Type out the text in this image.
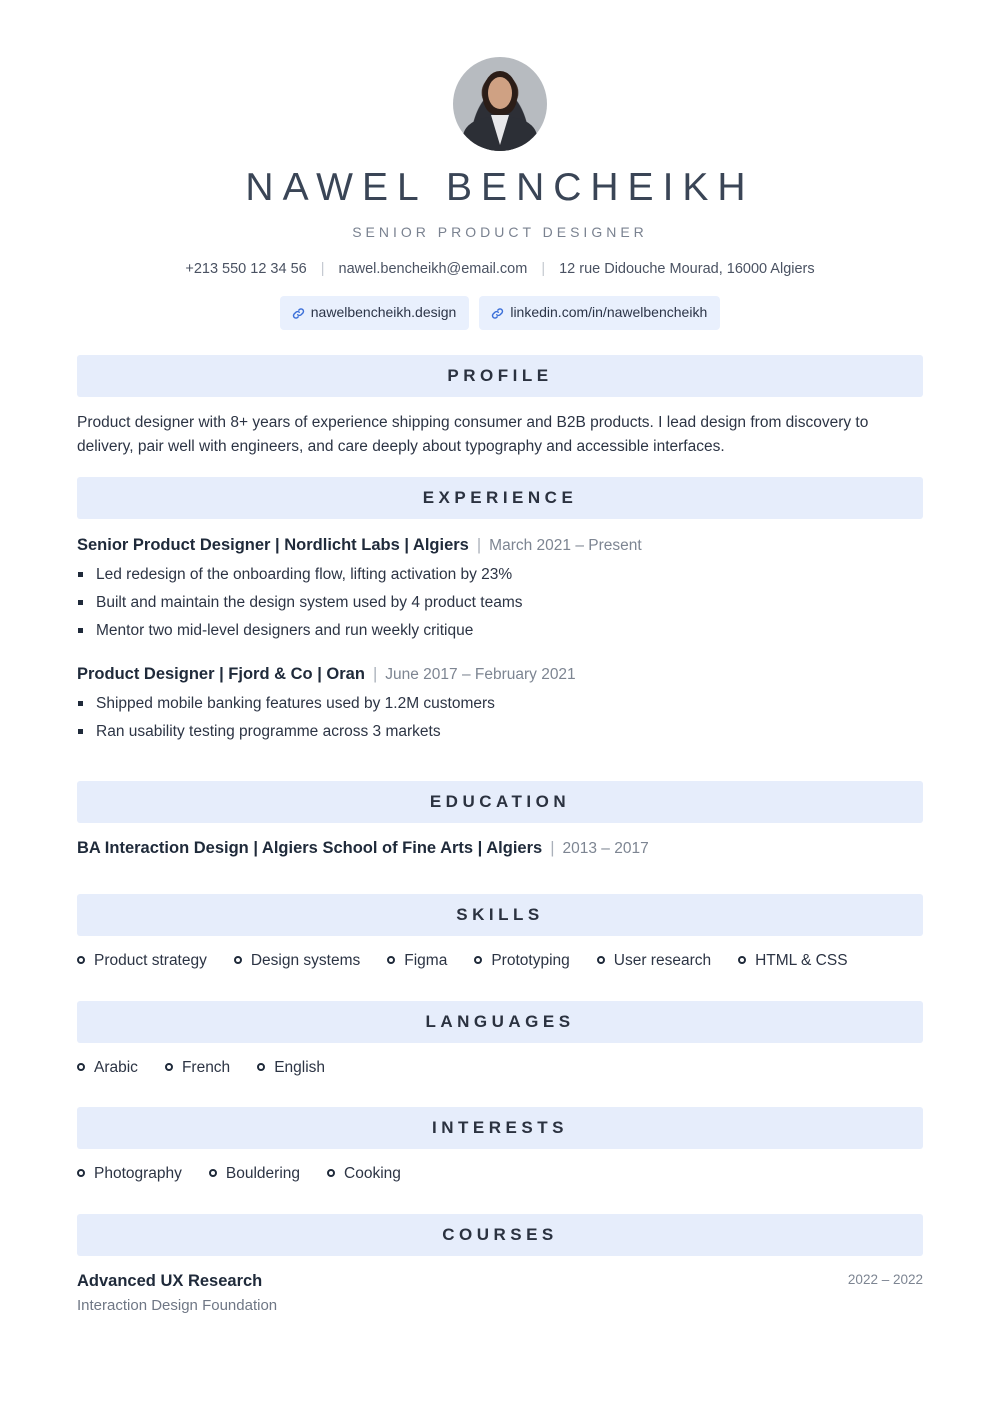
NAWEL BENCHEIKH
SENIOR PRODUCT DESIGNER
+213 550 12 34 56 | nawel.bencheikh@email.com | 12 rue Didouche Mourad, 16000 Algiers
nawelbencheikh.design	linkedin.com/in/nawelbencheikh
PROFILE
Product designer with 8+ years of experience shipping consumer and B2B products. I lead design from discovery to delivery, pair well with engineers, and care deeply about typography and accessible interfaces.
EXPERIENCE
Senior Product Designer | Nordlicht Labs | Algiers | March 2021 – Present
Led redesign of the onboarding flow, lifting activation by 23%
Built and maintain the design system used by 4 product teams
Mentor two mid-level designers and run weekly critique
Product Designer | Fjord & Co | Oran | June 2017 – February 2021
Shipped mobile banking features used by 1.2M customers
Ran usability testing programme across 3 markets
EDUCATION
BA Interaction Design | Algiers School of Fine Arts | Algiers | 2013 – 2017
SKILLS
Product strategy	Design systems	Figma	Prototyping	User research	HTML & CSS
LANGUAGES
Arabic	French	English
INTERESTS
Photography	Bouldering	Cooking
COURSES
Advanced UX Research
Interaction Design Foundation
2022 – 2022
